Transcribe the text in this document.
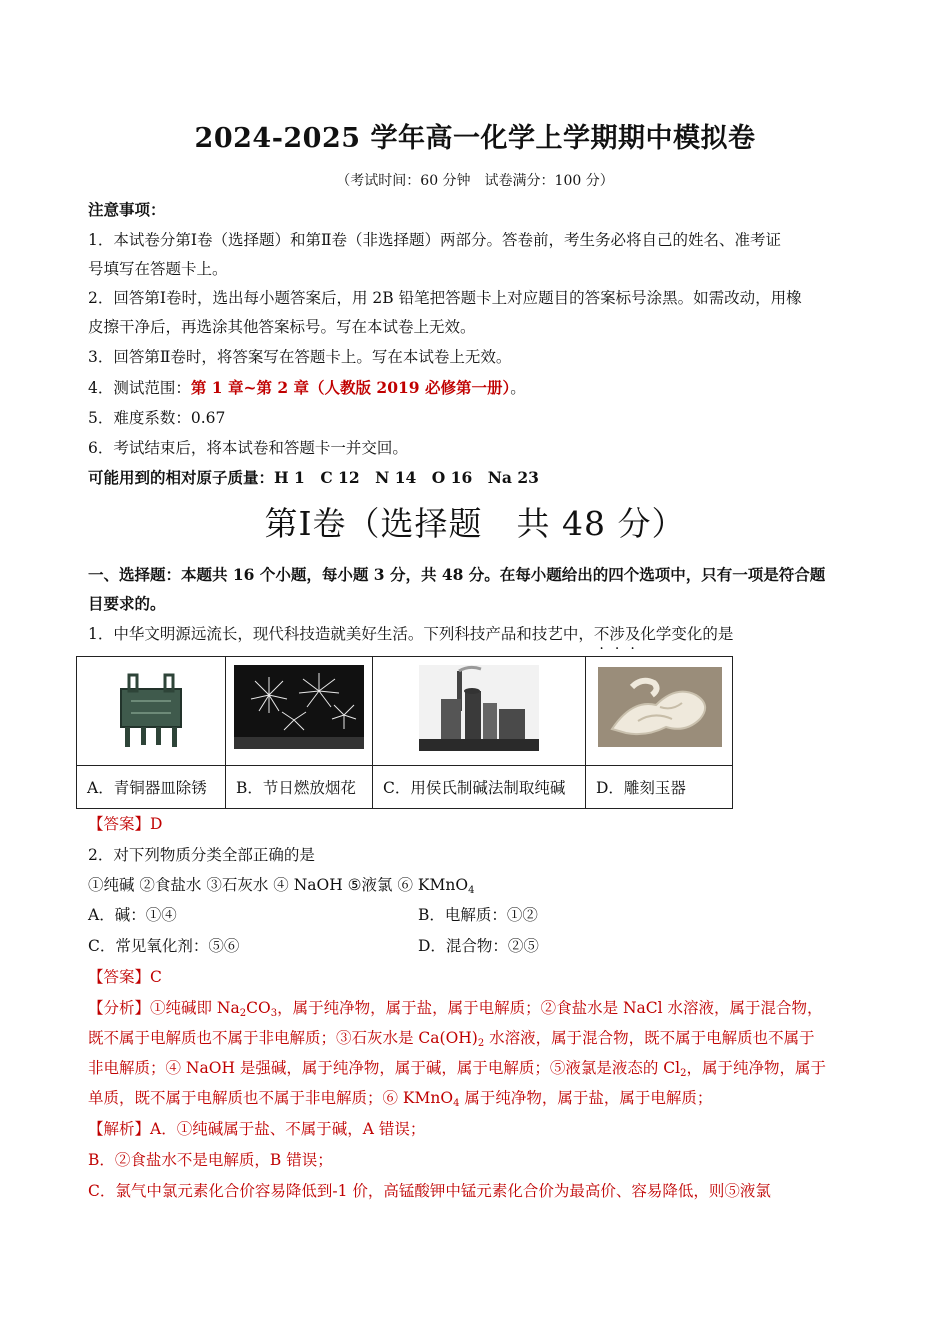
2024-2025 学年高一化学上学期期中模拟卷
（考试时间：60 分钟　试卷满分：100 分）
注意事项：
1．本试卷分第Ⅰ卷（选择题）和第Ⅱ卷（非选择题）两部分。答卷前，考生务必将自己的姓名、准考证
号填写在答题卡上。
2．回答第Ⅰ卷时，选出每小题答案后，用 2B 铅笔把答题卡上对应题目的答案标号涂黑。如需改动，用橡
皮擦干净后，再选涂其他答案标号。写在本试卷上无效。
3．回答第Ⅱ卷时，将答案写在答题卡上。写在本试卷上无效。
4．测试范围：第 1 章~第 2 章（人教版 2019 必修第一册）。
5．难度系数：0.67
6．考试结束后，将本试卷和答题卡一并交回。
可能用到的相对原子质量：H 1　C 12　N 14　O 16　Na 23
第Ⅰ卷（选择题　共 48 分）
一、选择题：本题共 16 个小题，每小题 3 分，共 48 分。在每小题给出的四个选项中，只有一项是符合题
目要求的。
1．中华文明源远流长，现代科技造就美好生活。下列科技产品和技艺中，不涉及化学变化的是

A．青铜器皿除锈	B．节日燃放烟花	C．用侯氏制碱法制取纯碱	D．雕刻玉器
【答案】D
2．对下列物质分类全部正确的是
①纯碱 ②食盐水 ③石灰水 ④ NaOH ⑤液氯 ⑥ KMnO$_4$
A．碱：①④	B．电解质：①②
C．常见氧化剂：⑤⑥	D．混合物：②⑤
【答案】C
【分析】①纯碱即 $Na_2CO_3$，属于纯净物，属于盐，属于电解质；②食盐水是 NaCl 水溶液，属于混合物，
既不属于电解质也不属于非电解质；③石灰水是 $Ca(OH)_2$ 水溶液，属于混合物，既不属于电解质也不属于
非电解质；④ NaOH 是强碱，属于纯净物，属于碱，属于电解质；⑤液氯是液态的 $Cl_2$，属于纯净物，属于
单质，既不属于电解质也不属于非电解质；⑥ KMnO$_4$ 属于纯净物，属于盐，属于电解质；
【解析】A．①纯碱属于盐、不属于碱，A 错误；
B．②食盐水不是电解质，B 错误；
C．氯气中氯元素化合价容易降低到-1 价，高锰酸钾中锰元素化合价为最高价、容易降低，则⑤液氯
